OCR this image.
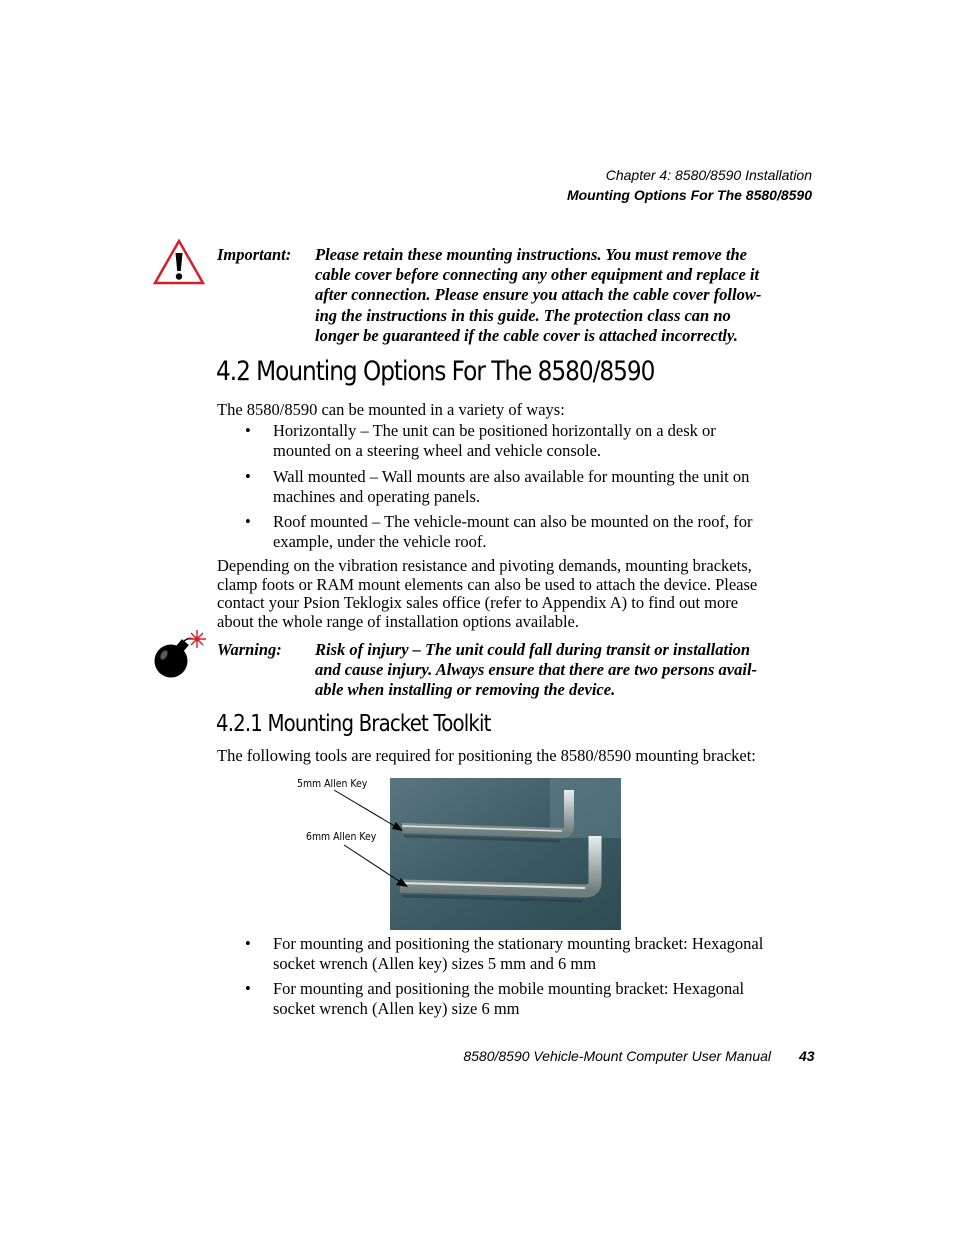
Chapter 4: 8580/8590 Installation
Mounting Options For The 8580/8590
Important: Please retain these mounting instructions. You must remove the
cable cover before connecting any other equipment and replace it
after connection. Please ensure you attach the cable cover follow-
ing the instructions in this guide. The protection class can no
longer be guaranteed if the cable cover is attached incorrectly.
4.2 Mounting Options For The 8580/8590
The 8580/8590 can be mounted in a variety of ways:
• Horizontally – The unit can be positioned horizontally on a desk or
mounted on a steering wheel and vehicle console.
• Wall mounted – Wall mounts are also available for mounting the unit on
machines and operating panels.
• Roof mounted – The vehicle-mount can also be mounted on the roof, for
example, under the vehicle roof.
Depending on the vibration resistance and pivoting demands, mounting brackets,
clamp foots or RAM mount elements can also be used to attach the device. Please
contact your Psion Teklogix sales office (refer to Appendix A) to find out more
about the whole range of installation options available.
Warning: Risk of injury – The unit could fall during transit or installation
and cause injury. Always ensure that there are two persons avail-
able when installing or removing the device.
4.2.1 Mounting Bracket Toolkit
The following tools are required for positioning the 8580/8590 mounting bracket:
5mm Allen Key
6mm Allen Key
• For mounting and positioning the stationary mounting bracket: Hexagonal
socket wrench (Allen key) sizes 5 mm and 6 mm
• For mounting and positioning the mobile mounting bracket: Hexagonal
socket wrench (Allen key) size 6 mm
8580/8590 Vehicle-Mount Computer User Manual 43
